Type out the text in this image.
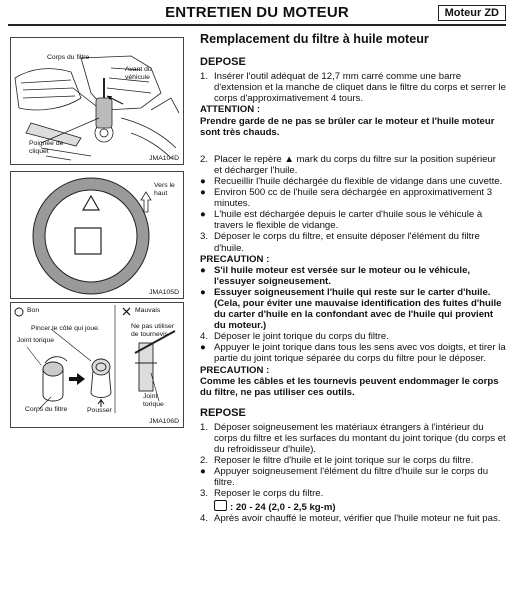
ENTRETIEN DU MOTEUR	Moteur ZD
Corps du filtre
Avant du
véhicule
Poignée de
cliquet
JMA104D
Vers le
haut
JMA105D
Bon	Mauvais
Pincer le côté qui joue.
Joint torique
Corps du filtre	Pousser
Ne pas utiliser
de tournevis
Joint
torique
JMA106D
Remplacement du filtre à huile moteur
DEPOSE
1. Insérer l'outil adéquat de 12,7 mm carré comme une barre d'extension et la manche de cliquet dans le filtre du corps et serrer le corps d'approximativement 4 tours.
ATTENTION :
Prendre garde de ne pas se brûler car le moteur et l'huile moteur sont très chauds.
2. Placer le repère ▲ mark du corps du filtre sur la position supérieur et décharger l'huile.
● Recueillir l'huile déchargée du flexible de vidange dans une cuvette.
● Environ 500 cc de l'huile sera déchargée en approximativement 3 minutes.
● L'huile est déchargée depuis le carter d'huile sous le véhicule à travers le flexible de vidange.
3. Déposer le corps du filtre, et ensuite déposer l'élément du filtre d'huile.
PRECAUTION :
● S'il huile moteur est versée sur le moteur ou le véhicule, l'essuyer soigneusement.
● Essuyer soigneusement l'huile qui reste sur le carter d'huile.
(Cela, pour éviter une mauvaise identification des fuites d'huile du carter d'huile en la confondant avec de l'huile qui provient du moteur.)
4. Déposer le joint torique du corps du filtre.
● Appuyer le joint torique dans tous les sens avec vos doigts, et tirer la partie du joint torique séparée du corps du filtre pour le déposer.
PRECAUTION :
Comme les câbles et les tournevis peuvent endommager le corps du filtre, ne pas utiliser ces outils.
REPOSE
1. Déposer soigneusement les matériaux étrangers à l'intérieur du corps du filtre et les surfaces du montant du joint torique (du corps et du refroidisseur d'huile).
2. Reposer le filtre d'huile et le joint torique sur le corps du filtre.
● Appuyer soigneusement l'élément du filtre d'huile sur le corps du filtre.
3. Reposer le corps du filtre.
: 20 - 24 (2,0 - 2,5 kg-m)
4. Après avoir chauffé le moteur, vérifier que l'huile moteur ne fuit pas.
